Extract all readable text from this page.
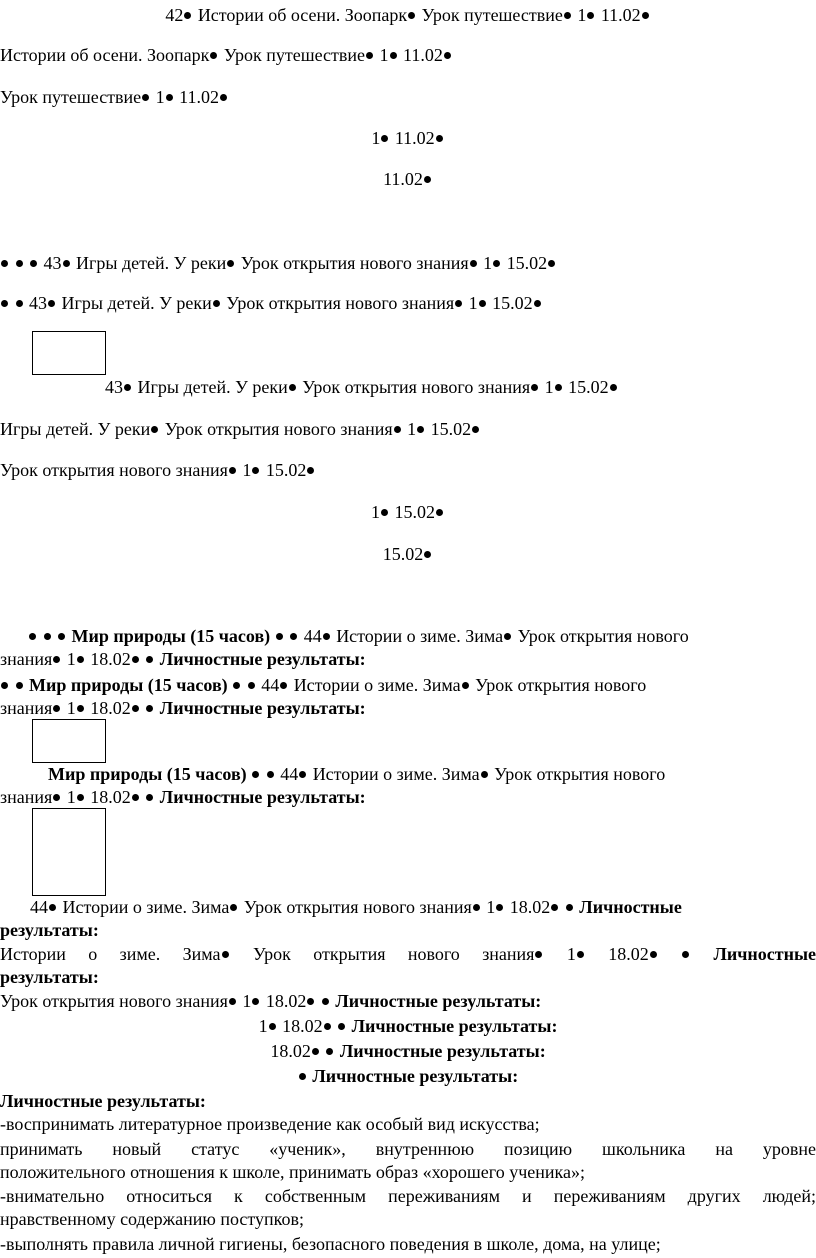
42 Истории об осени. Зоопарк Урок путешествие 1 11.02
Истории об осени. Зоопарк Урок путешествие 1 11.02
Урок путешествие 1 11.02
1 11.02
11.02
43 Игры детей. У реки Урок открытия нового знания 1 15.02
43 Игры детей. У реки Урок открытия нового знания 1 15.02
43 Игры детей. У реки Урок открытия нового знания 1 15.02
Игры детей. У реки Урок открытия нового знания 1 15.02
Урок открытия нового знания 1 15.02
1 15.02
15.02
Мир природы (15 часов) 44 Истории о зиме. Зима Урок открытия нового
знания 1 18.02 Личностные результаты:
Мир природы (15 часов) 44 Истории о зиме. Зима Урок открытия нового
знания 1 18.02 Личностные результаты:
Мир природы (15 часов) 44 Истории о зиме. Зима Урок открытия нового
знания 1 18.02 Личностные результаты:
44 Истории о зиме. Зима Урок открытия нового знания 1 18.02 Личностные
результаты:
Истории о зиме. Зима Урок открытия нового знания 1 18.02	Личностные
результаты:
Урок открытия нового знания 1 18.02 Личностные результаты:
1 18.02 Личностные результаты:
18.02 Личностные результаты:
Личностные результаты:
Личностные результаты:
-воспринимать литературное произведение как особый вид искусства;
принимать новый статус «ученик», внутреннюю позицию школьника на уровне
положительного отношения к школе, принимать образ «хорошего ученика»;
-внимательно относиться к собственным переживаниям и переживаниям других людей;
нравственному содержанию поступков;
-выполнять правила личной гигиены, безопасного поведения в школе, дома, на улице;
